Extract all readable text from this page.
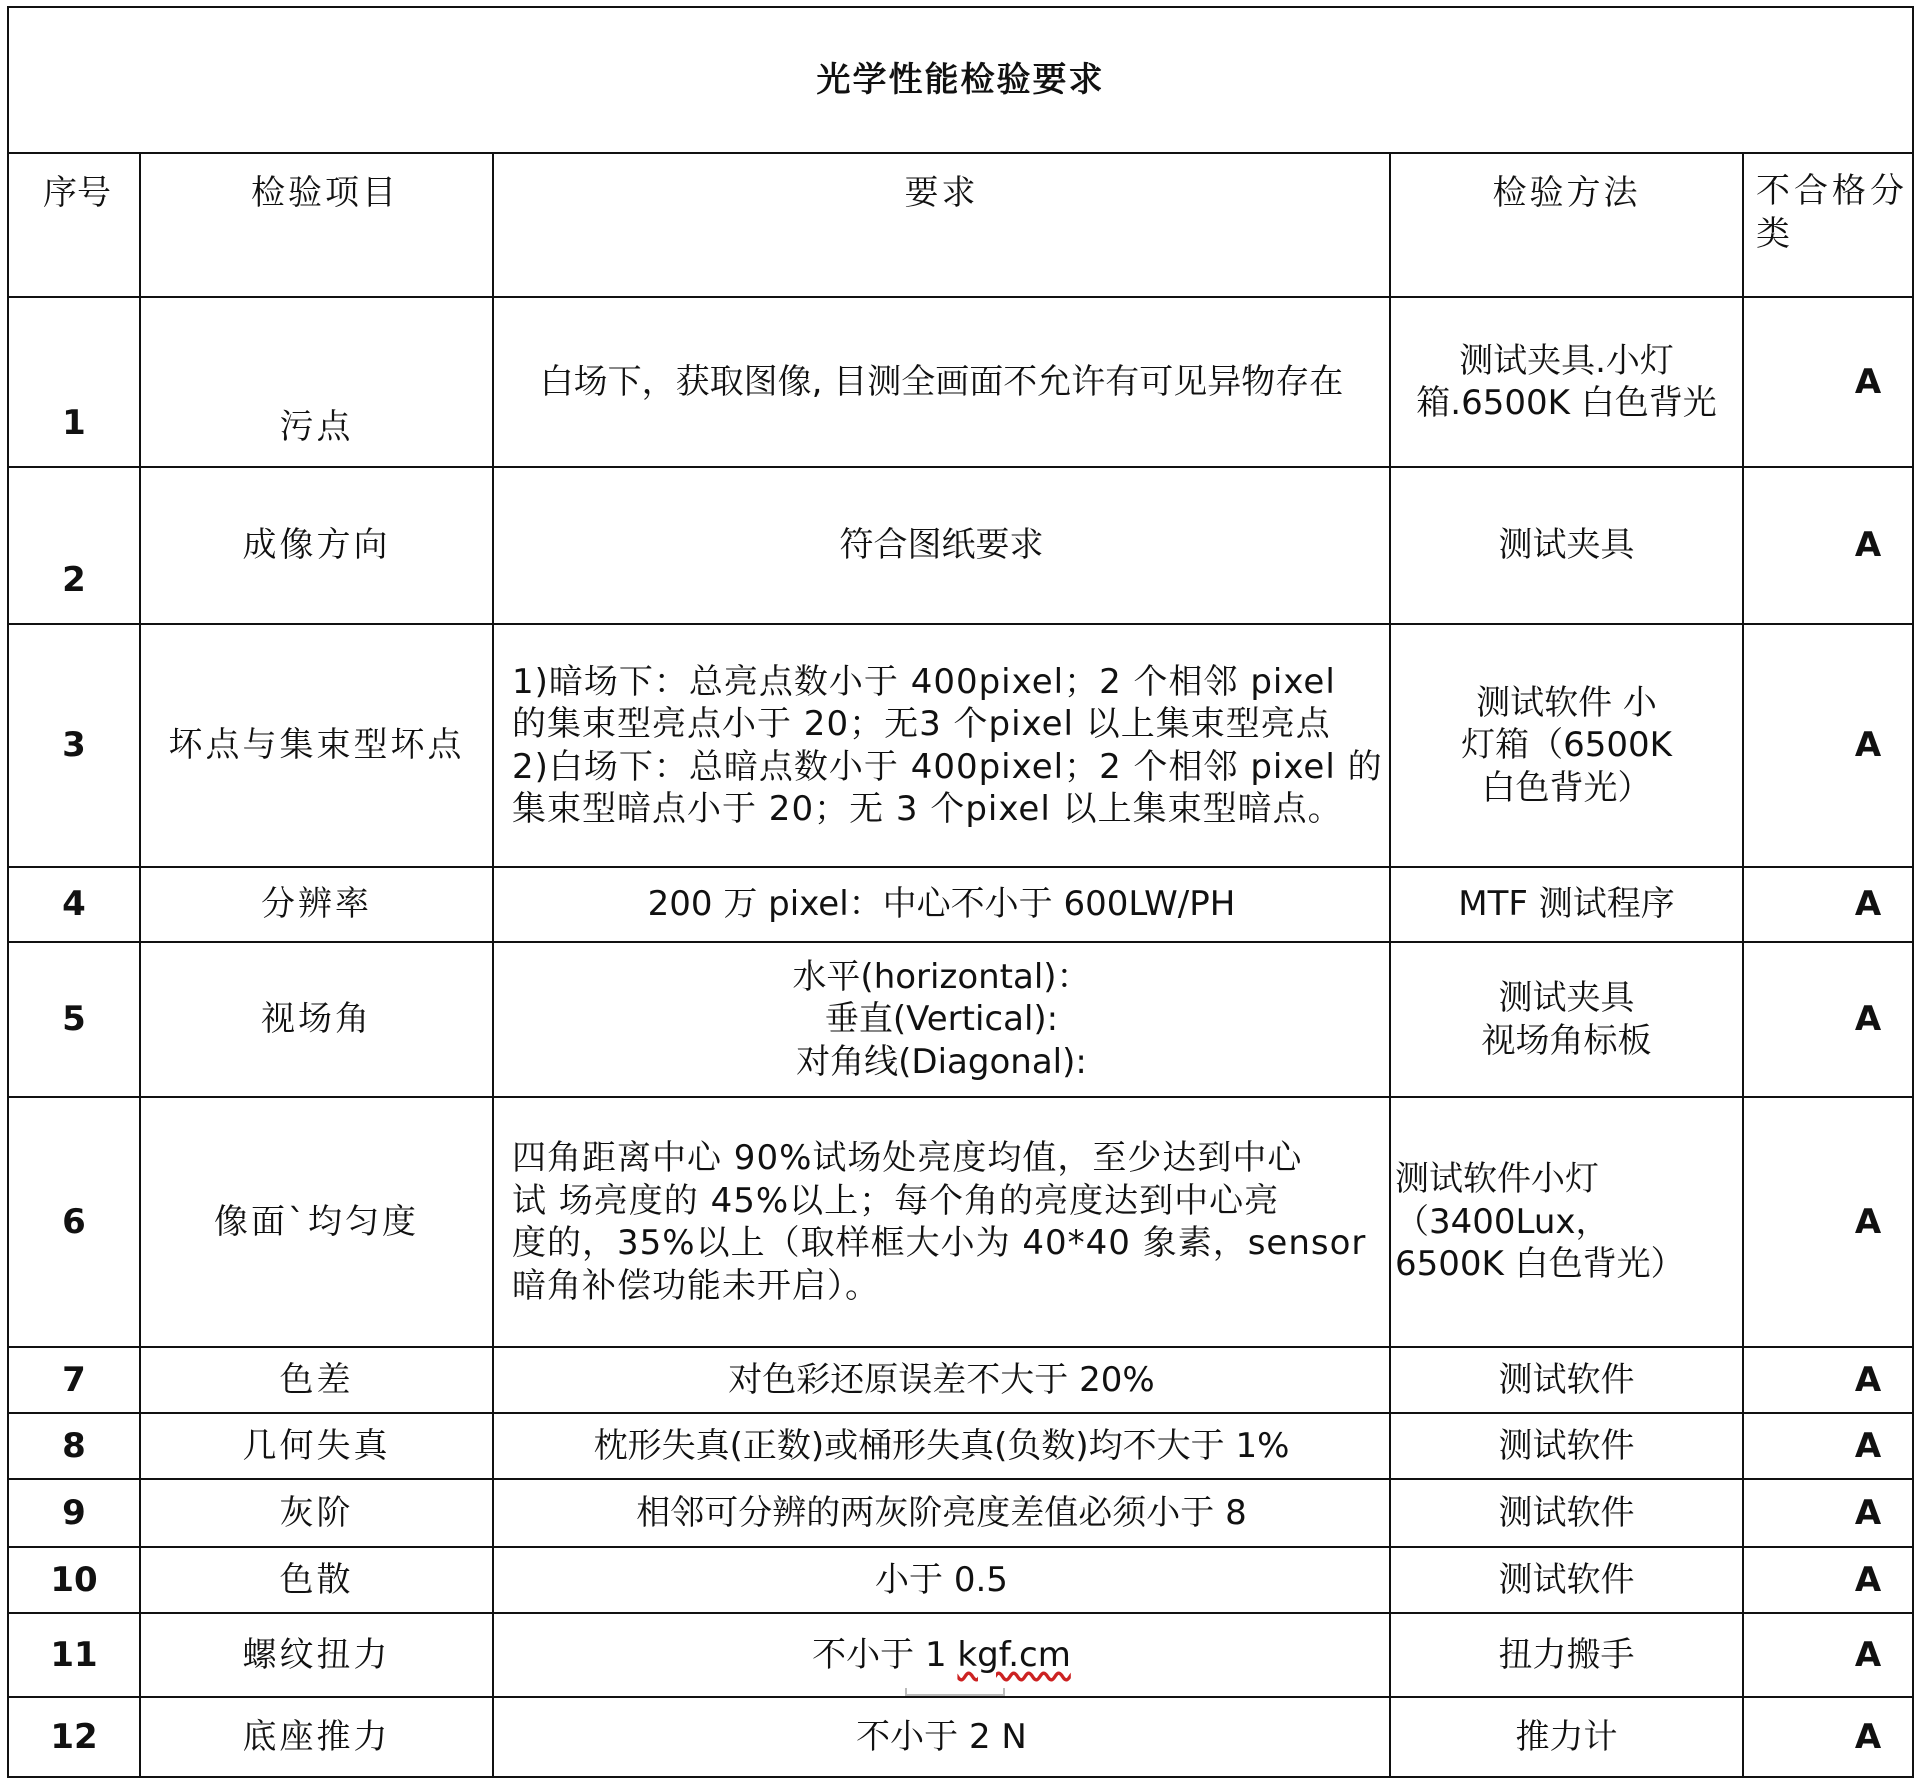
光学性能检验要求				
序号	检验项目	要求	检验方法	不合格分
类

1	污点	白场下，获取图像, 目测全画面不允许有可见异物存在	测试夹具.小灯
箱.6500K 白色背光	A
2	成像方向	符合图纸要求	测试夹具	A
3	坏点与集束型坏点	1)暗场下：总亮点数小于 400pixel；2 个相邻 pixel
的集束型亮点小于 20；无3 个pixel 以上集束型亮点
2)白场下：总暗点数小于 400pixel；2 个相邻 pixel 的
集束型暗点小于 20；无 3 个pixel 以上集束型暗点。	测试软件 小
灯箱（6500K
白色背光）	A
4	分辨率	200 万 pixel：中心不小于 600LW/PH	MTF 测试程序	A
5	视场角	水平(horizontal)：
垂直(Vertical):
对角线(Diagonal):	测试夹具
视场角标板	A
6	像面`均匀度	四角距离中心 90%试场处亮度均值，至少达到中心
试 场亮度的 45%以上；每个角的亮度达到中心亮
度的，35%以上（取样框大小为 40*40 象素，sensor
暗角补偿功能未开启）。	测试软件小灯
（3400Lux，
6500K 白色背光）	A
7	色差	对色彩还原误差不大于 20%	测试软件	A
8	几何失真	枕形失真(正数)或桶形失真(负数)均不大于 1%	测试软件	A
9	灰阶	相邻可分辨的两灰阶亮度差值必须小于 8	测试软件	A
10	色散	小于 0.5	测试软件	A
11	螺纹扭力	不小于 1 kgf.cm	扭力搬手	A
12	底座推力	不小于 2 N	推力计	A
